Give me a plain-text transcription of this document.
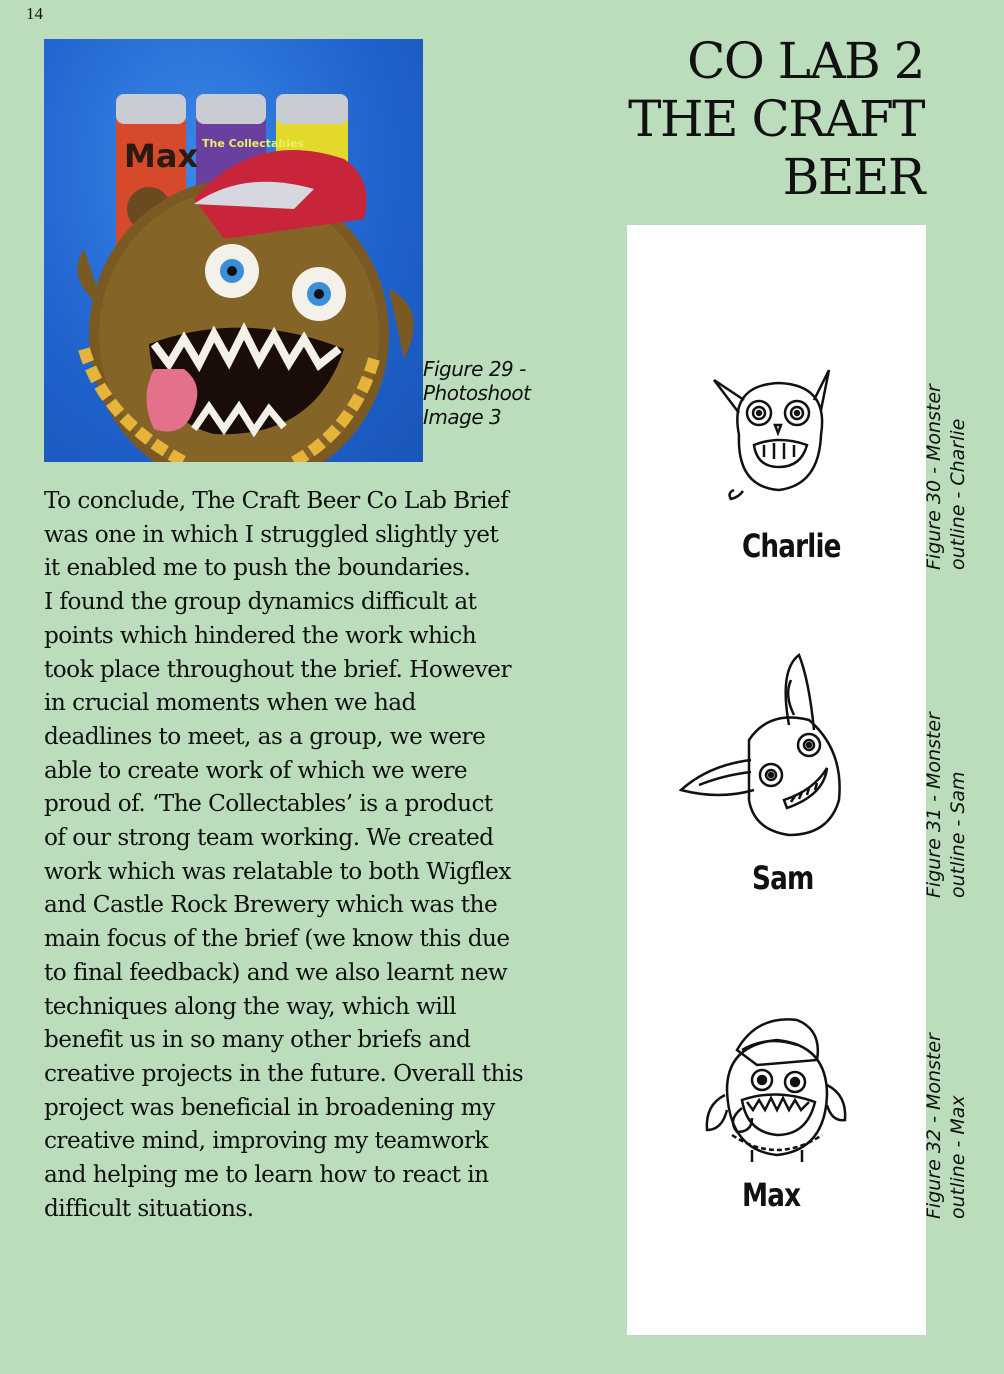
14
Max The Collectables
Figure 29 -
Photoshoot
Image 3
CO LAB 2
THE CRAFT
BEER

To conclude, The Craft Beer Co Lab Brief

was one in which I struggled slightly yet

it enabled me to push the boundaries.

I found the group dynamics difficult at

points which hindered the work which

took place throughout the brief. However

in crucial moments when we had

deadlines to meet, as a group, we were

able to create work of which we were

proud of. ‘The Collectables’ is a product

of our strong team working. We created

work which was relatable to both Wigflex

and Castle Rock Brewery which was the

main focus of the brief (we know this due

to final feedback) and we also learnt new

techniques along the way, which will

benefit us in so many other briefs and

creative projects in the future. Overall this

project was beneficial in broadening my

creative mind, improving my teamwork

and helping me to learn how to react in

difficult situations.

Charlie
Sam
Max
Figure 30 - Monster outline - Charlie
Figure 31 - Monster outline - Sam
Figure 32 - Monster outline - Max
